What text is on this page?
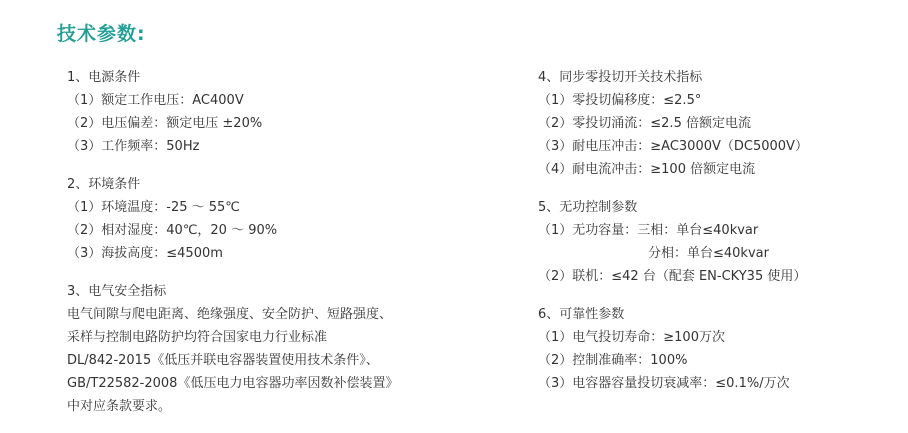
技术参数:
1、电源条件
（1）额定工作电压：AC400V
（2）电压偏差：额定电压 ±20%
（3）工作频率：50Hz
2、环境条件
（1）环境温度：-25 ～ 55℃
（2）相对湿度：40℃，20 ～ 90%
（3）海拔高度：≤4500m
3、电气安全指标
电气间隙与爬电距离、绝缘强度、安全防护、短路强度、
采样与控制电路防护均符合国家电力行业标准
DL/842-2015《低压并联电容器装置使用技术条件》、
GB/T22582-2008《低压电力电容器功率因数补偿装置》
中对应条款要求。
4、同步零投切开关技术指标
（1）零投切偏移度：≤2.5°
（2）零投切涌流：≤2.5 倍额定电流
（3）耐电压冲击：≥AC3000V（DC5000V）
（4）耐电流冲击：≥100 倍额定电流
5、无功控制参数
（1）无功容量：三相：单台≤40kvar
分相：单台≤40kvar
（2）联机：≤42 台（配套 EN-CKY35 使用）
6、可靠性参数
（1）电气投切寿命：≥100万次
（2）控制准确率：100%
（3）电容器容量投切衰减率：≤0.1%/万次
